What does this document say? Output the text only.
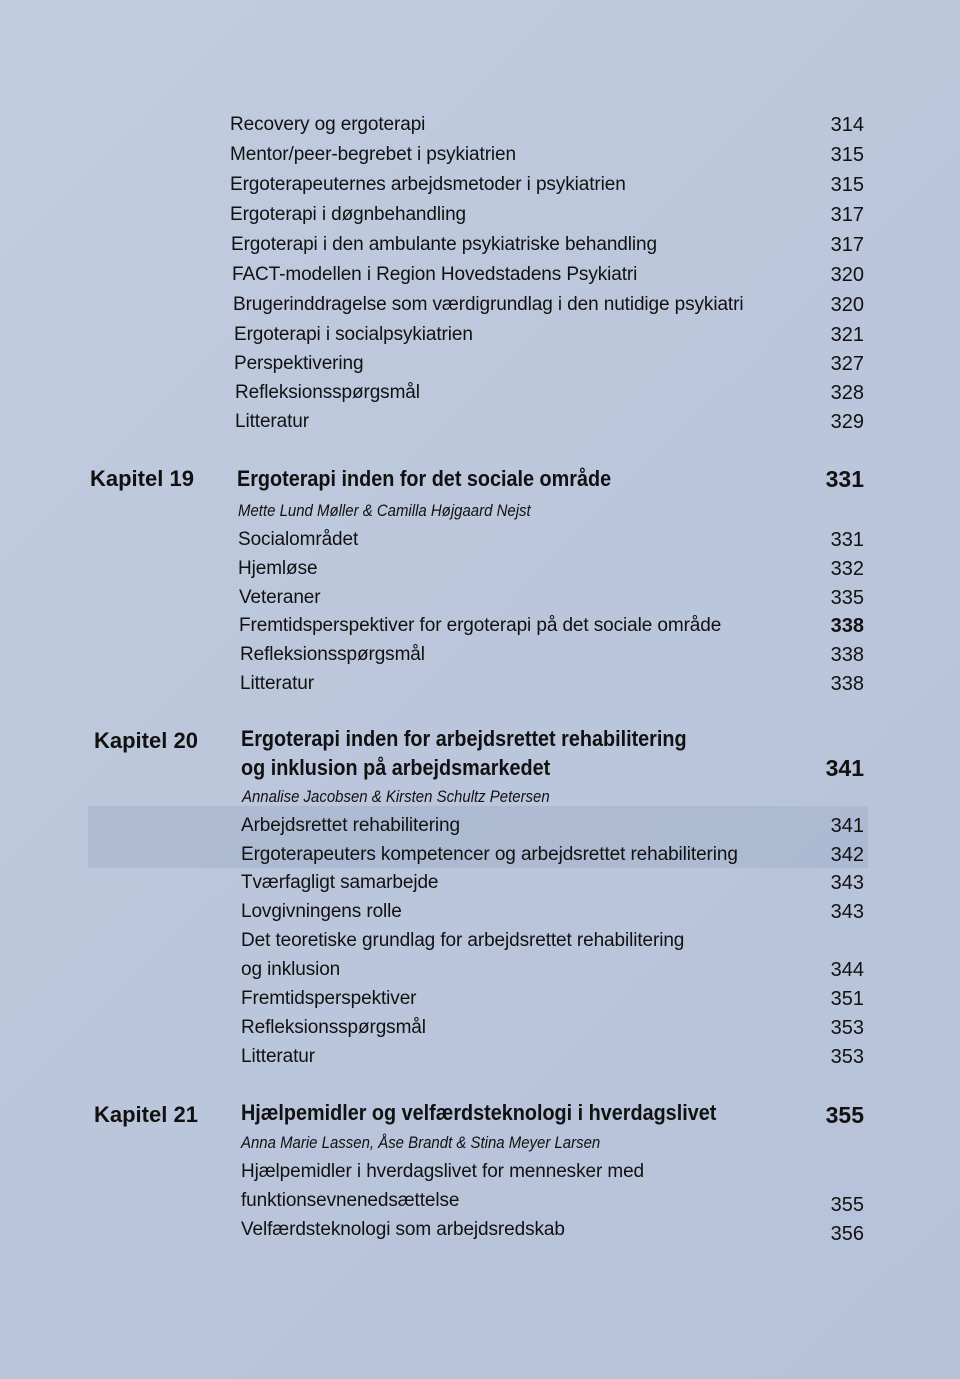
Recovery og ergoterapi	314
Mentor/peer-begrebet i psykiatrien	315
Ergoterapeuternes arbejdsmetoder i psykiatrien	315
Ergoterapi i døgnbehandling	317
Ergoterapi i den ambulante psykiatriske behandling	317
FACT-modellen i Region Hovedstadens Psykiatri	320
Brugerinddragelse som værdigrundlag i den nutidige psykiatri	320
Ergoterapi i socialpsykiatrien	321
Perspektivering	327
Refleksionsspørgsmål	328
Litteratur	329
Kapitel 19 Ergoterapi inden for det sociale område	331
Mette Lund Møller & Camilla Højgaard Nejst
Socialområdet	331
Hjemløse	332
Veteraner	335
Fremtidsperspektiver for ergoterapi på det sociale område	338
Refleksionsspørgsmål	338
Litteratur	338
Kapitel 20 Ergoterapi inden for arbejdsrettet rehabilitering
og inklusion på arbejdsmarkedet	341
Annalise Jacobsen & Kirsten Schultz Petersen
Arbejdsrettet rehabilitering	341
Ergoterapeuters kompetencer og arbejdsrettet rehabilitering	342
Tværfagligt samarbejde	343
Lovgivningens rolle	343
Det teoretiske grundlag for arbejdsrettet rehabilitering
og inklusion	344
Fremtidsperspektiver	351
Refleksionsspørgsmål	353
Litteratur	353
Kapitel 21 Hjælpemidler og velfærdsteknologi i hverdagslivet	355
Anna Marie Lassen, Åse Brandt & Stina Meyer Larsen
Hjælpemidler i hverdagslivet for mennesker med
funktionsevnenedsættelse	355
Velfærdsteknologi som arbejdsredskab	356
